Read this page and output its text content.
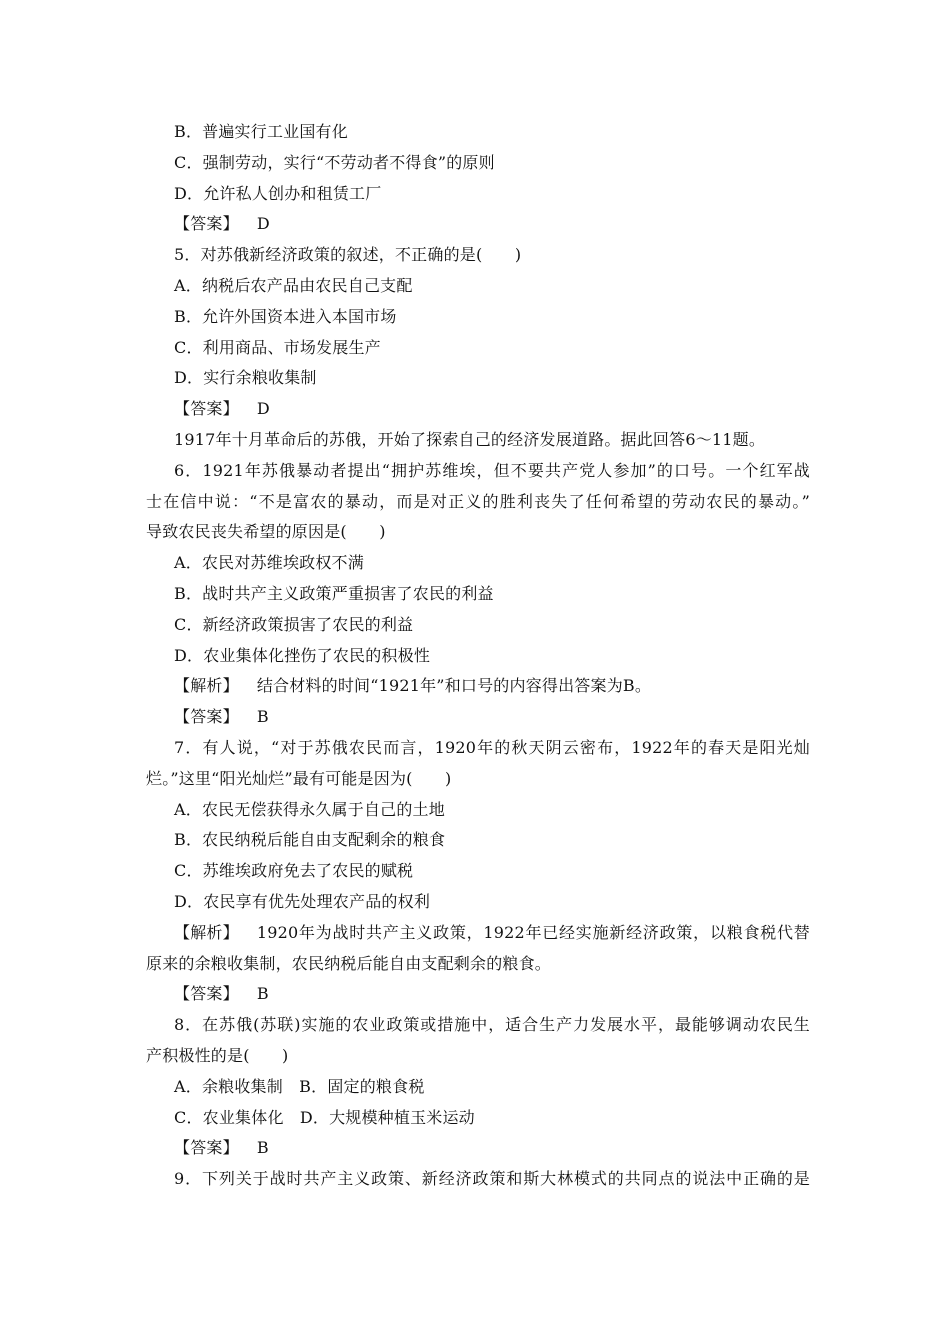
B．普遍实行工业国有化
C．强制劳动，实行“不劳动者不得食”的原则
D．允许私人创办和租赁工厂
【答案】 D
5．对苏俄新经济政策的叙述，不正确的是(　　)
A．纳税后农产品由农民自己支配
B．允许外国资本进入本国市场
C．利用商品、市场发展生产
D．实行余粮收集制
【答案】 D
1917年十月革命后的苏俄，开始了探索自己的经济发展道路。据此回答6～11题。
6．1921年苏俄暴动者提出“拥护苏维埃，但不要共产党人参加”的口号。一个红军战
士在信中说：“不是富农的暴动，而是对正义的胜利丧失了任何希望的劳动农民的暴动。”
导致农民丧失希望的原因是(　　)
A．农民对苏维埃政权不满
B．战时共产主义政策严重损害了农民的利益
C．新经济政策损害了农民的利益
D．农业集体化挫伤了农民的积极性
【解析】 结合材料的时间“1921年”和口号的内容得出答案为B。
【答案】 B
7．有人说，“对于苏俄农民而言，1920年的秋天阴云密布，1922年的春天是阳光灿
烂。”这里“阳光灿烂”最有可能是因为(　　)
A．农民无偿获得永久属于自己的土地
B．农民纳税后能自由支配剩余的粮食
C．苏维埃政府免去了农民的赋税
D．农民享有优先处理农产品的权利
【解析】 1920年为战时共产主义政策，1922年已经实施新经济政策，以粮食税代替
原来的余粮收集制，农民纳税后能自由支配剩余的粮食。
【答案】 B
8．在苏俄(苏联)实施的农业政策或措施中，适合生产力发展水平，最能够调动农民生
产积极性的是(　　)
A．余粮收集制　B．固定的粮食税
C．农业集体化　D．大规模种植玉米运动
【答案】 B
9．下列关于战时共产主义政策、新经济政策和斯大林模式的共同点的说法中正确的是
